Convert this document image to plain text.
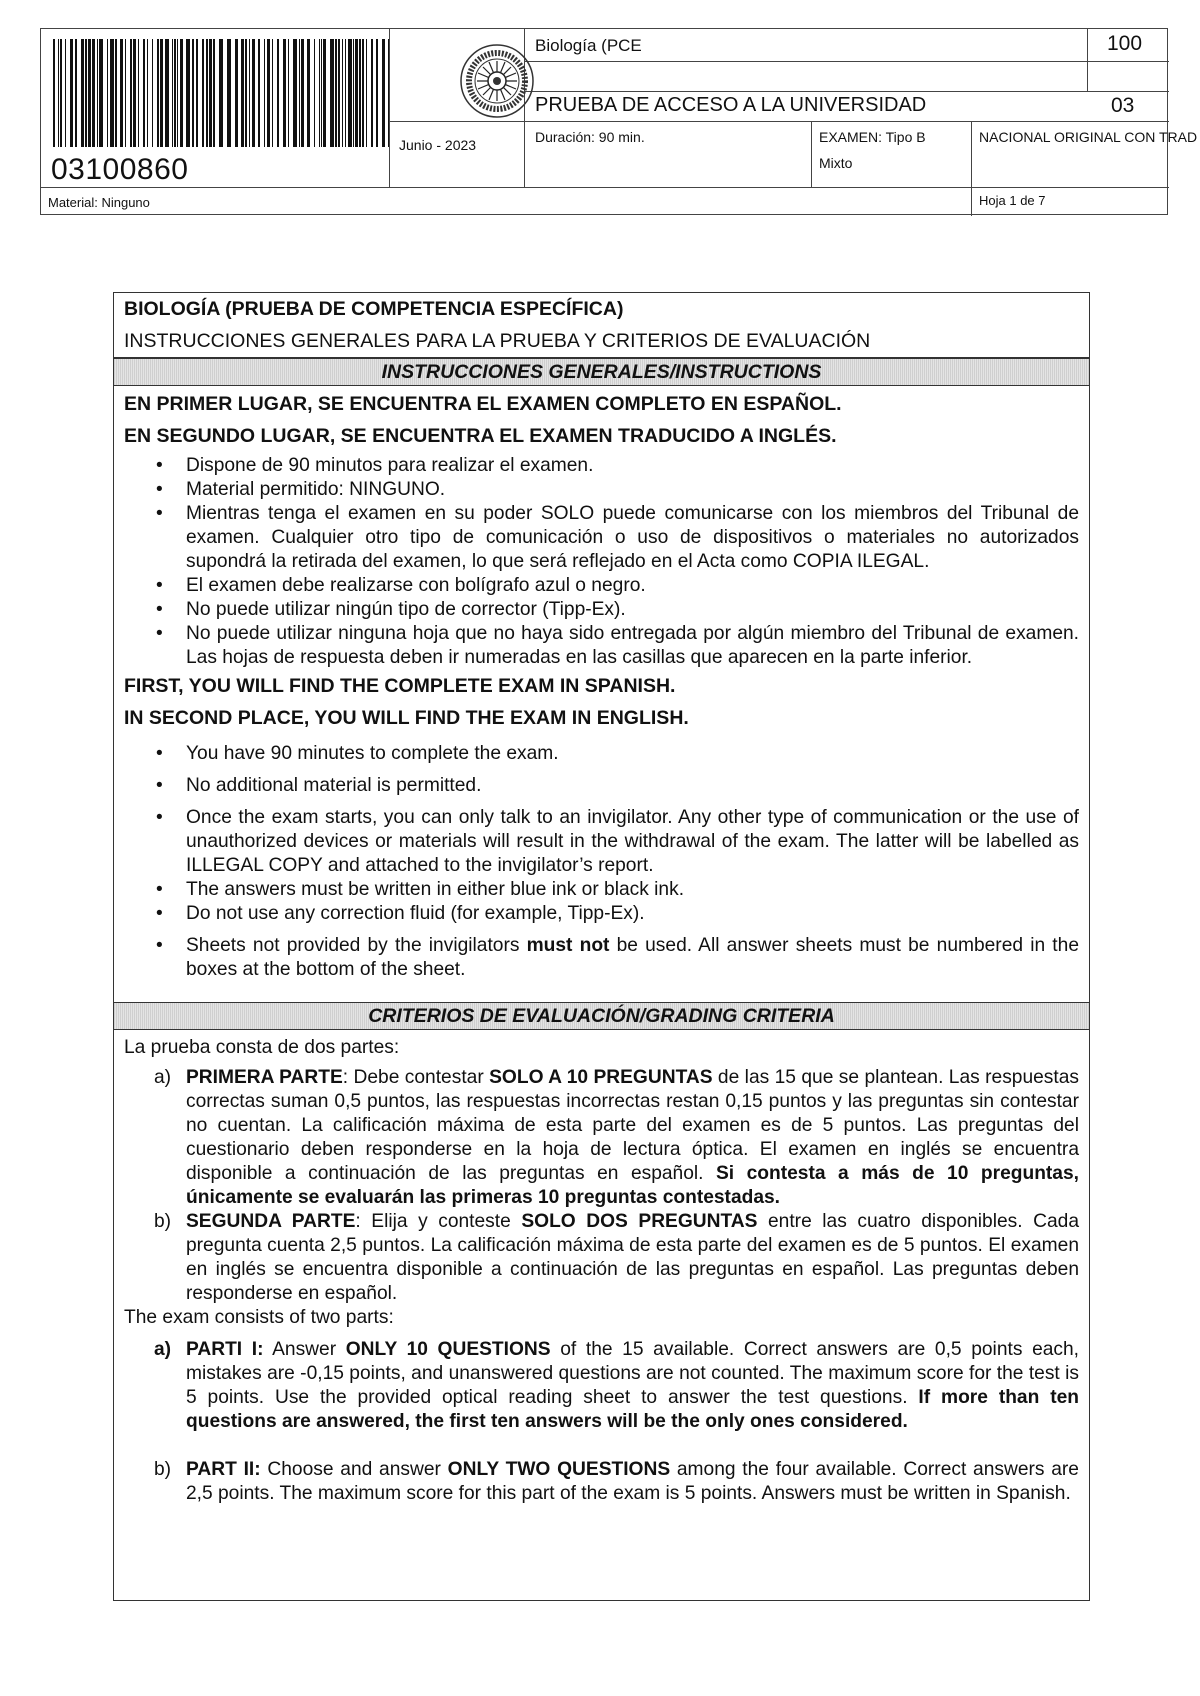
03100860
Junio - 2023
Biología (PCE	100
PRUEBA DE ACCESO A LA UNIVERSIDAD	03
Duración: 90 min.	EXAMEN: Tipo B
Mixto
NACIONAL ORIGINAL CON TRAD
Material: Ninguno	Hoja 1 de 7

BIOLOGÍA (PRUEBA DE COMPETENCIA ESPECÍFICA)

INSTRUCCIONES GENERALES PARA LA PRUEBA Y CRITERIOS DE EVALUACIÓN

INSTRUCCIONES GENERALES/INSTRUCTIONS

EN PRIMER LUGAR, SE ENCUENTRA EL EXAMEN COMPLETO EN ESPAÑOL.

EN SEGUNDO LUGAR, SE ENCUENTRA EL EXAMEN TRADUCIDO A INGLÉS.

• Dispone de 90 minutos para realizar el examen.
• Material permitido: NINGUNO.
• Mientras tenga el examen en su poder SOLO puede comunicarse con los miembros del Tribunal de examen. Cualquier otro tipo de comunicación o uso de dispositivos o materiales no autorizados supondrá la retirada del examen, lo que será reflejado en el Acta como COPIA ILEGAL.
• El examen debe realizarse con bolígrafo azul o negro.
• No puede utilizar ningún tipo de corrector (Tipp-Ex).
• No puede utilizar ninguna hoja que no haya sido entregada por algún miembro del Tribunal de examen. Las hojas de respuesta deben ir numeradas en las casillas que aparecen en la parte inferior.

FIRST, YOU WILL FIND THE COMPLETE EXAM IN SPANISH.

IN SECOND PLACE, YOU WILL FIND THE EXAM IN ENGLISH.

• You have 90 minutes to complete the exam.
• No additional material is permitted.
• Once the exam starts, you can only talk to an invigilator. Any other type of communication or the use of unauthorized devices or materials will result in the withdrawal of the exam. The latter will be labelled as ILLEGAL COPY and attached to the invigilator’s report.
• The answers must be written in either blue ink or black ink.
• Do not use any correction fluid (for example, Tipp-Ex).
• Sheets not provided by the invigilators must not be used. All answer sheets must be numbered in the boxes at the bottom of the sheet.
CRITERIOS DE EVALUACIÓN/GRADING CRITERIA

La prueba consta de dos partes:

a) PRIMERA PARTE: Debe contestar SOLO A 10 PREGUNTAS de las 15 que se plantean. Las respuestas correctas suman 0,5 puntos, las respuestas incorrectas restan 0,15 puntos y las preguntas sin contestar no cuentan. La calificación máxima de esta parte del examen es de 5 puntos. Las preguntas del cuestionario deben responderse en la hoja de lectura óptica. El examen en inglés se encuentra disponible a continuación de las preguntas en español. Si contesta a más de 10 preguntas, únicamente se evaluarán las primeras 10 preguntas contestadas.
b) SEGUNDA PARTE: Elija y conteste SOLO DOS PREGUNTAS entre las cuatro disponibles. Cada pregunta cuenta 2,5 puntos. La calificación máxima de esta parte del examen es de 5 puntos. El examen en inglés se encuentra disponible a continuación de las preguntas en español. Las preguntas deben responderse en español.

The exam consists of two parts:

a) PARTI I: Answer ONLY 10 QUESTIONS of the 15 available. Correct answers are 0,5 points each, mistakes are -0,15 points, and unanswered questions are not counted. The maximum score for the test is 5 points. Use the provided optical reading sheet to answer the test questions. If more than ten questions are answered, the first ten answers will be the only ones considered.
b) PART II: Choose and answer ONLY TWO QUESTIONS among the four available. Correct answers are 2,5 points. The maximum score for this part of the exam is 5 points. Answers must be written in Spanish.
